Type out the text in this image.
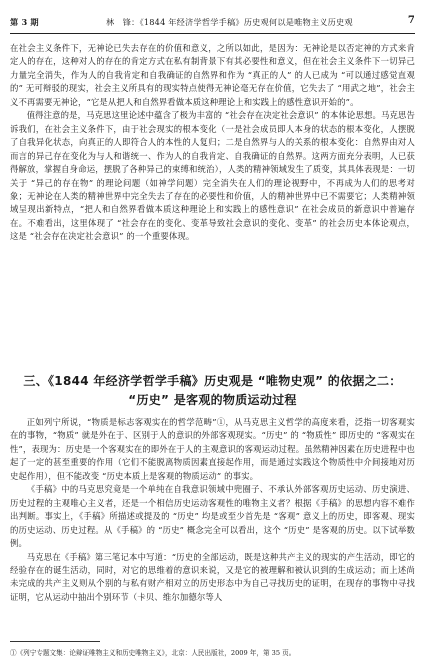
第 3 期	林　锋：《1844 年经济学哲学手稿》历史观何以是唯物主义历史观	7

在社会主义条件下，无神论已失去存在的价值和意义，之所以如此，是因为：无神论是以否定神的方式来肯定人的存在，这种对人的存在的肯定方式在私有制背景下有其必要性和意义，但在社会主义条件下一切异己力量完全消失，作为人的自我肯定和自我确证的自然界和作为 “真正的人” 的人已成为 “可以通过感觉直观的” 无可辩驳的现实，社会主义所具有的现实特点使得无神论毫无存在价值，它失去了 “用武之地”，社会主义不再需要无神论，“它是从把人和自然界看做本质这种理论上和实践上的感性意识开始的”。

值得注意的是，马克思这里论述中蕴含了极为丰富的 “社会存在决定社会意识” 的本体论思想。马克思告诉我们，在社会主义条件下，由于社会现实的根本变化（一是社会成员即人本身的状态的根本变化，人摆脱了自我异化状态，向真正的人即符合人的本性的人复归；二是自然界与人的关系的根本变化：自然界由对人而言的异己存在变化为与人和谐统一、作为人的自我肯定、自我确证的自然界。这两方面充分表明，人已获得解放，掌握自身命运，摆脱了各种异己的束缚和统治），人类的精神领域发生了质变，其具体表现是：一切关于 “异己的存在物” 的理论问题（如神学问题）完全消失在人们的理论视野中，不再成为人们的思考对象；无神论在人类的精神世界中完全失去了存在的必要性和价值，人的精神世界中已不需要它；人类精神领域呈现出新特点，“把人和自然界看做本质这种理论上和实践上的感性意识” 在社会成员的新意识中普遍存在。不难看出，这里体现了 “社会存在的变化、变革导致社会意识的变化、变革” 的社会历史本体论观点，这是 “社会存在决定社会意识” 的一个重要体现。

三、《1844 年经济学哲学手稿》历史观是 “唯物史观” 的依据之二：
“历史” 是客观的物质运动过程

正如列宁所说，“物质是标志客观实在的哲学范畴”①，从马克思主义哲学的高度来看，泛指一切客观实在的事物，“物质” 就是外在于、区别于人的意识的外部客观现实。“历史” 的 “物质性” 即历史的 “客观实在性”，表现为：历史是一个客观实在的即外在于人的主观意识的客观运动过程。虽然精神因素在历史进程中也起了一定的甚至重要的作用（它们不能脱离物质因素直接起作用，而是通过实践这个物质性中介间接地对历史起作用），但不能改变 “历史本质上是客观的物质运动” 的事实。

《手稿》中的马克思究竟是一个单纯在自我意识领域中兜圈子、不承认外部客观历史运动、历史演进、历史过程的主观唯心主义者，还是一个相信历史运动客观性的唯物主义者？根据《手稿》的思想内容不难作出判断。事实上，《手稿》所描述或提及的 “历史” 均是或至少首先是 “客观” 意义上的历史，即客观、现实的历史运动、历史过程。从《手稿》的 “历史” 概念完全可以看出，这个 “历史” 是客观的历史。以下试举数例。

马克思在《手稿》第三笔记本中写道：“历史的全部运动，既是这种共产主义的现实的产生活动，即它的经验存在的诞生活动，同时，对它的思维着的意识来说，又是它的被理解和被认识到的生成运动；而上述尚未完成的共产主义则从个别的与私有财产相对立的历史形态中为自己寻找历史的证明，在现存的事物中寻找证明，它从运动中抽出个别环节（卡贝、维尔加德尔等人

①《列宁专题文集：论辩证唯物主义和历史唯物主义》，北京：人民出版社，2009 年，第 35 页。
